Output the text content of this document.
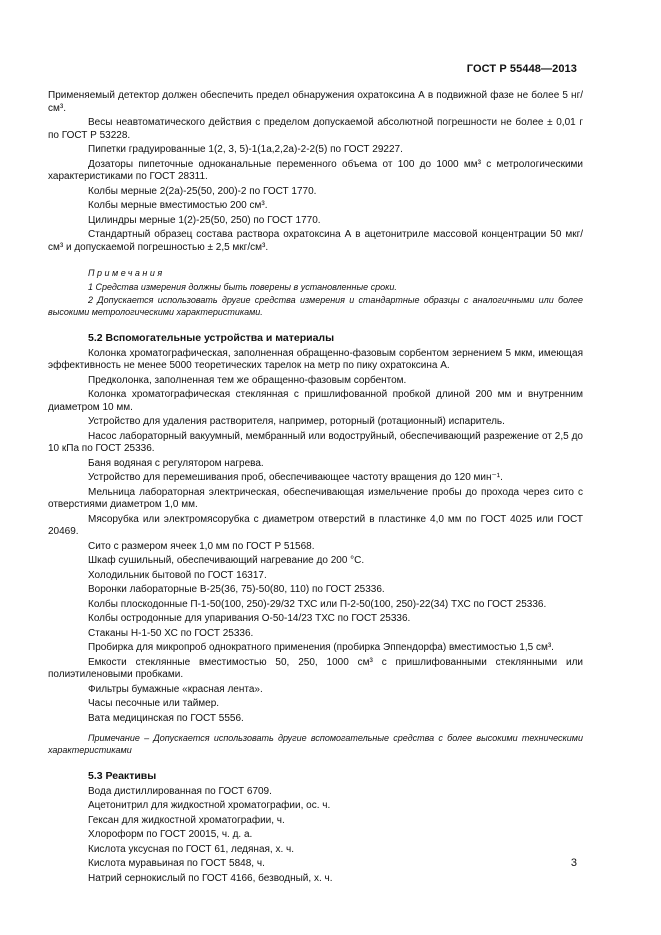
ГОСТ Р 55448—2013

Применяемый детектор должен обеспечить предел обнаружения охратоксина А в подвижной фазе не более 5 нг/см³.

Весы неавтоматического действия с пределом допускаемой абсолютной погрешности не более ± 0,01 г по ГОСТ Р 53228.

Пипетки градуированные 1(2, 3, 5)-1(1а,2,2а)-2-2(5) по ГОСТ 29227.

Дозаторы пипеточные одноканальные переменного объема от 100 до 1000 мм³ с метрологическими характеристиками по ГОСТ 28311.

Колбы мерные 2(2а)-25(50, 200)-2 по ГОСТ 1770.

Колбы мерные вместимостью 200 см³.

Цилиндры мерные 1(2)-25(50, 250) по ГОСТ 1770.

Стандартный образец состава раствора охратоксина А в ацетонитриле массовой концентрации 50 мкг/см³ и допускаемой погрешностью ± 2,5 мкг/см³.

Примечания

1 Средства измерения должны быть поверены в установленные сроки.

2 Допускается использовать другие средства измерения и стандартные образцы с аналогичными или более высокими метрологическими характеристиками.

5.2 Вспомогательные устройства и материалы

Колонка хроматографическая, заполненная обращенно-фазовым сорбентом зернением 5 мкм, имеющая эффективность не менее 5000 теоретических тарелок на метр по пику охратоксина А.

Предколонка, заполненная тем же обращенно-фазовым сорбентом.

Колонка хроматографическая стеклянная с пришлифованной пробкой длиной 200 мм и внутренним диаметром 10 мм.

Устройство для удаления растворителя, например, роторный (ротационный) испаритель.

Насос лабораторный вакуумный, мембранный или водоструйный, обеспечивающий разрежение от 2,5 до 10 кПа по ГОСТ 25336.

Баня водяная с регулятором нагрева.

Устройство для перемешивания проб, обеспечивающее частоту вращения до 120 мин⁻¹.

Мельница лабораторная электрическая, обеспечивающая измельчение пробы до прохода через сито с отверстиями диаметром 1,0 мм.

Мясорубка или электромясорубка с диаметром отверстий в пластинке 4,0 мм по ГОСТ 4025 или ГОСТ 20469.

Сито с размером ячеек 1,0 мм по ГОСТ Р 51568.

Шкаф сушильный, обеспечивающий нагревание до 200 °С.

Холодильник бытовой по ГОСТ 16317.

Воронки лабораторные В-25(36, 75)-50(80, 110) по ГОСТ 25336.

Колбы плоскодонные П-1-50(100, 250)-29/32 ТХС или П-2-50(100, 250)-22(34) ТХС по ГОСТ 25336.

Колбы остродонные для упаривания О-50-14/23 ТХС по ГОСТ 25336.

Стаканы Н-1-50 ХС по ГОСТ 25336.

Пробирка для микропроб однократного применения (пробирка Эппендорфа) вместимостью 1,5 см³.

Емкости стеклянные вместимостью 50, 250, 1000 см³ с пришлифованными стеклянными или полиэтиленовыми пробками.

Фильтры бумажные «красная лента».

Часы песочные или таймер.

Вата медицинская по ГОСТ 5556.

Примечание – Допускается использовать другие вспомогательные средства с более высокими техническими характеристиками

5.3 Реактивы

Вода дистиллированная по ГОСТ 6709.

Ацетонитрил для жидкостной хроматографии, ос. ч.

Гексан для жидкостной хроматографии, ч.

Хлороформ по ГОСТ 20015, ч. д. а.

Кислота уксусная по ГОСТ 61, ледяная, х. ч.

Кислота муравьиная по ГОСТ 5848, ч.

Натрий сернокислый по ГОСТ 4166, безводный, х. ч.

3
